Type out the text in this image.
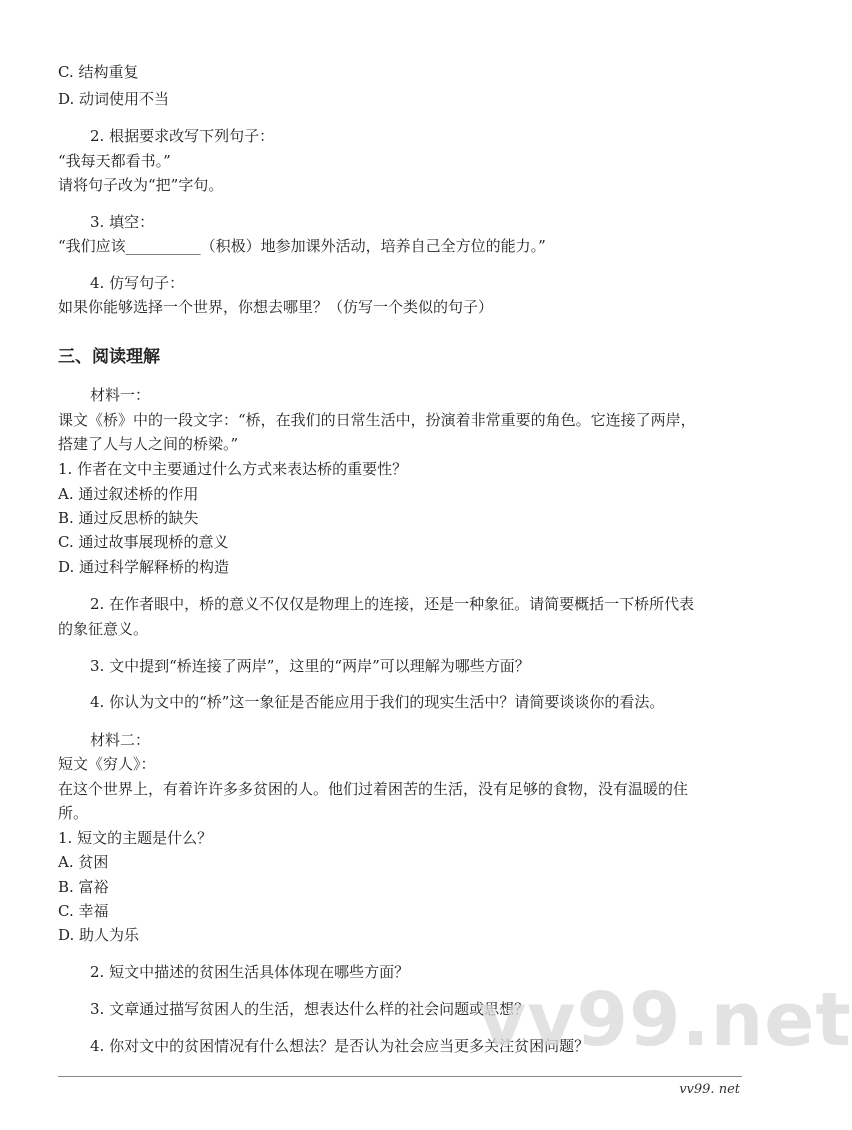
C. 结构重复
D. 动词使用不当
2. 根据要求改写下列句子：
“我每天都看书。”
请将句子改为“把”字句。
3. 填空：
“我们应该__________（积极）地参加课外活动，培养自己全方位的能力。”
4. 仿写句子：
如果你能够选择一个世界，你想去哪里？（仿写一个类似的句子）
三、阅读理解
材料一：
课文《桥》中的一段文字：“桥，在我们的日常生活中，扮演着非常重要的角色。它连接了两岸，
搭建了人与人之间的桥梁。”
1. 作者在文中主要通过什么方式来表达桥的重要性？
A. 通过叙述桥的作用
B. 通过反思桥的缺失
C. 通过故事展现桥的意义
D. 通过科学解释桥的构造
2. 在作者眼中，桥的意义不仅仅是物理上的连接，还是一种象征。请简要概括一下桥所代表
的象征意义。
3. 文中提到“桥连接了两岸”，这里的“两岸”可以理解为哪些方面？
4. 你认为文中的“桥”这一象征是否能应用于我们的现实生活中？请简要谈谈你的看法。
材料二：
短文《穷人》：
在这个世界上，有着许许多多贫困的人。他们过着困苦的生活，没有足够的食物，没有温暖的住
所。
1. 短文的主题是什么？
A. 贫困
B. 富裕
C. 幸福
D. 助人为乐
2. 短文中描述的贫困生活具体体现在哪些方面？
3. 文章通过描写贫困人的生活，想表达什么样的社会问题或思想？
4. 你对文中的贫困情况有什么想法？是否认为社会应当更多关注贫困问题？
vv99.net
vv99. net
